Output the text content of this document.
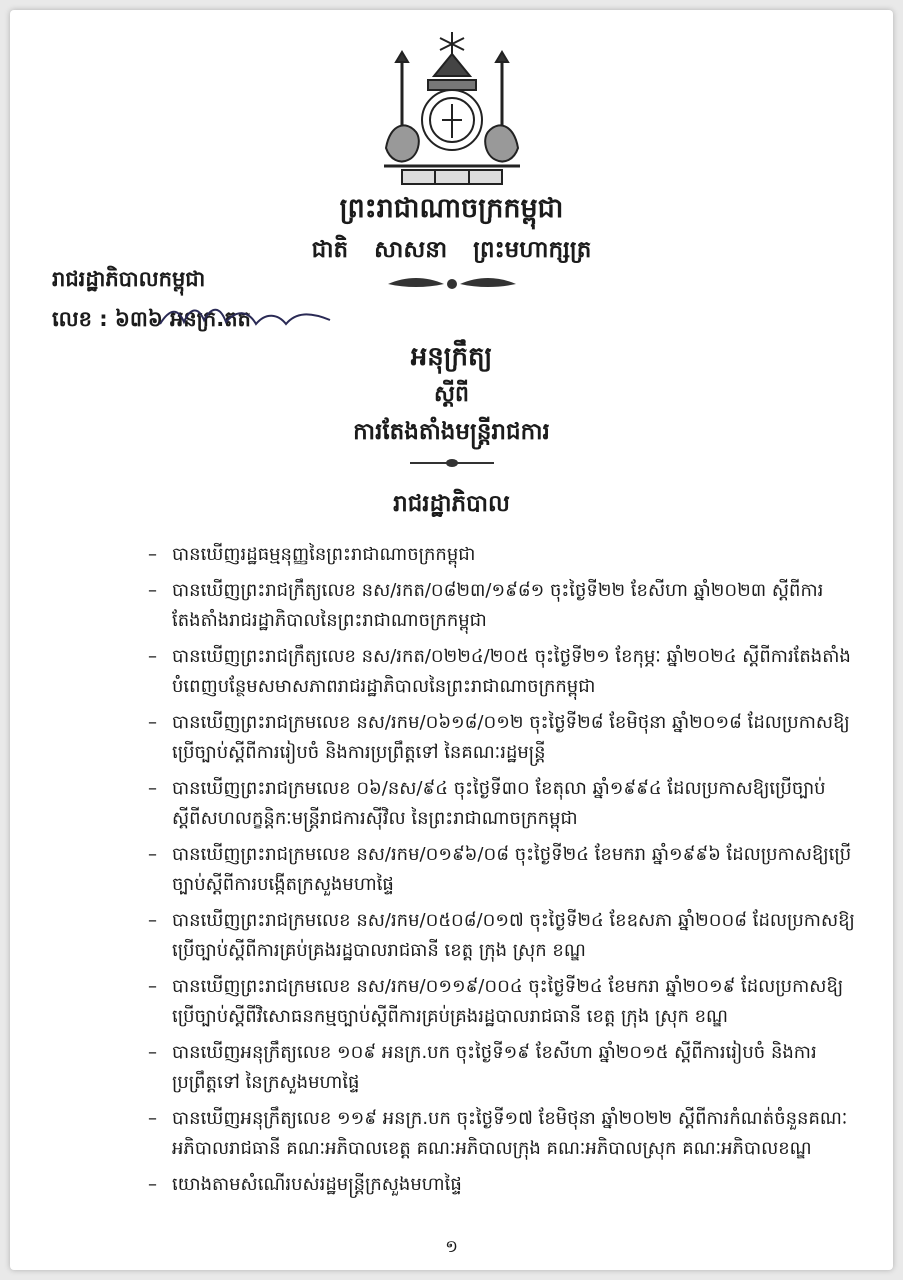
ព្រះរាជាណាចក្រកម្ពុជា
ជាតិ សាសនា ព្រះមហាក្សត្រ
រាជរដ្ឋាភិបាលកម្ពុជា
លេខ : ៦៣៦ អនក្រ.តត
អនុក្រឹត្យ
ស្តីពី
ការតែងតាំងមន្ត្រីរាជការ
រាជរដ្ឋាភិបាល
– បានឃើញរដ្ឋធម្មនុញ្ញនៃព្រះរាជាណាចក្រកម្ពុជា
– បានឃើញព្រះរាជក្រឹត្យលេខ នស/រកត/០៨២៣/១៩៨១ ចុះថ្ងៃទី២២ ខែសីហា ឆ្នាំ២០២៣ ស្តីពីការតែងតាំងរាជរដ្ឋាភិបាលនៃព្រះរាជាណាចក្រកម្ពុជា
– បានឃើញព្រះរាជក្រឹត្យលេខ នស/រកត/០២២៤/២០៥ ចុះថ្ងៃទី២១ ខែកុម្ភៈ ឆ្នាំ២០២៤ ស្តីពីការតែងតាំងបំពេញបន្ថែមសមាសភាពរាជរដ្ឋាភិបាលនៃព្រះរាជាណាចក្រកម្ពុជា
– បានឃើញព្រះរាជក្រមលេខ នស/រកម/០៦១៨/០១២ ចុះថ្ងៃទី២៨ ខែមិថុនា ឆ្នាំ២០១៨ ដែលប្រកាសឱ្យប្រើច្បាប់ស្តីពីការរៀបចំ និងការប្រព្រឹត្តទៅ នៃគណៈរដ្ឋមន្ត្រី
– បានឃើញព្រះរាជក្រមលេខ ០៦/នស/៩៤ ចុះថ្ងៃទី៣០ ខែតុលា ឆ្នាំ១៩៩៤ ដែលប្រកាសឱ្យប្រើច្បាប់ស្តីពីសហលក្ខន្តិកៈមន្ត្រីរាជការស៊ីវិល នៃព្រះរាជាណាចក្រកម្ពុជា
– បានឃើញព្រះរាជក្រមលេខ នស/រកម/០១៩៦/០៨ ចុះថ្ងៃទី២៤ ខែមករា ឆ្នាំ១៩៩៦ ដែលប្រកាសឱ្យប្រើច្បាប់ស្តីពីការបង្កើតក្រសួងមហាផ្ទៃ
– បានឃើញព្រះរាជក្រមលេខ នស/រកម/០៥០៨/០១៧ ចុះថ្ងៃទី២៤ ខែឧសភា ឆ្នាំ២០០៨ ដែលប្រកាសឱ្យប្រើច្បាប់ស្តីពីការគ្រប់គ្រងរដ្ឋបាលរាជធានី ខេត្ត ក្រុង ស្រុក ខណ្ឌ
– បានឃើញព្រះរាជក្រមលេខ នស/រកម/០១១៩/០០៤ ចុះថ្ងៃទី២៤ ខែមករា ឆ្នាំ២០១៩ ដែលប្រកាសឱ្យប្រើច្បាប់ស្តីពីវិសោធនកម្មច្បាប់ស្តីពីការគ្រប់គ្រងរដ្ឋបាលរាជធានី ខេត្ត ក្រុង ស្រុក ខណ្ឌ
– បានឃើញអនុក្រឹត្យលេខ ១០៩ អនក្រ.បក ចុះថ្ងៃទី១៩ ខែសីហា ឆ្នាំ២០១៥ ស្តីពីការរៀបចំ និងការប្រព្រឹត្តទៅ នៃក្រសួងមហាផ្ទៃ
– បានឃើញអនុក្រឹត្យលេខ ១១៩ អនក្រ.បក ចុះថ្ងៃទី១៧ ខែមិថុនា ឆ្នាំ២០២២ ស្តីពីការកំណត់ចំនួនគណៈអភិបាលរាជធានី គណៈអភិបាលខេត្ត គណៈអភិបាលក្រុង គណៈអភិបាលស្រុក គណៈអភិបាលខណ្ឌ
– យោងតាមសំណើរបស់រដ្ឋមន្ត្រីក្រសួងមហាផ្ទៃ
១
